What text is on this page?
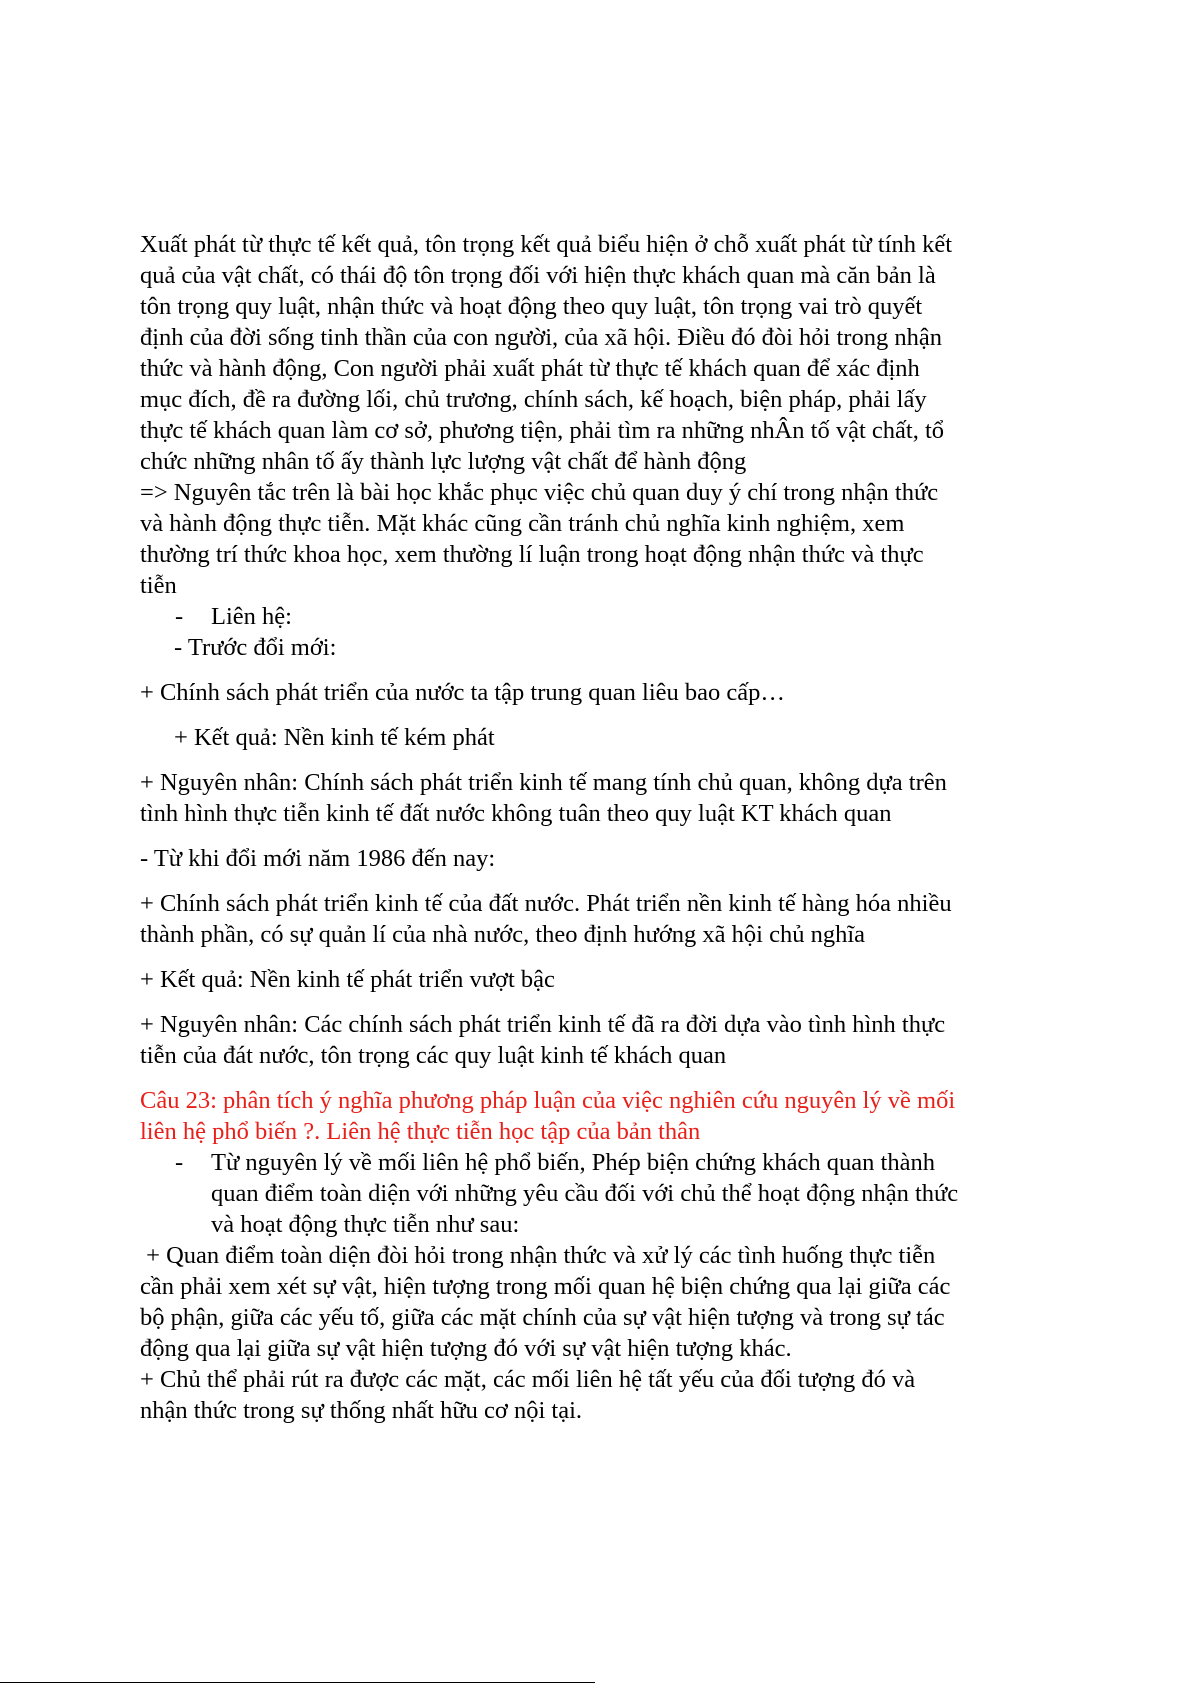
Xuất phát từ thực tế kết quả, tôn trọng kết quả biểu hiện ở chỗ xuất phát từ tính kết
quả của vật chất, có thái độ tôn trọng đối với hiện thực khách quan mà căn bản là
tôn trọng quy luật, nhận thức và hoạt động theo quy luật, tôn trọng vai trò quyết
định của đời sống tinh thần của con người, của xã hội. Điều đó đòi hỏi trong nhận
thức và hành động, Con người phải xuất phát từ thực tế khách quan để xác định
mục đích, đề ra đường lối, chủ trương, chính sách, kế hoạch, biện pháp, phải lấy
thực tế khách quan làm cơ sở, phương tiện, phải tìm ra những nhÂn tố vật chất, tổ
chức những nhân tố ấy thành lực lượng vật chất để hành động
=> Nguyên tắc trên là bài học khắc phục việc chủ quan duy ý chí trong nhận thức
và hành động thực tiễn. Mặt khác cũng cần tránh chủ nghĩa kinh nghiệm, xem
thường trí thức khoa học, xem thường lí luận trong hoạt động nhận thức và thực
tiễn
-	Liên hệ:
- Trước đổi mới:
+ Chính sách phát triển của nước ta tập trung quan liêu bao cấp…
+ Kết quả: Nền kinh tế kém phát
+ Nguyên nhân: Chính sách phát triển kinh tế mang tính chủ quan, không dựa trên
tình hình thực tiễn kinh tế đất nước không tuân theo quy luật KT khách quan
- Từ khi đổi mới năm 1986 đến nay:
+ Chính sách phát triển kinh tế của đất nước. Phát triển nền kinh tế hàng hóa nhiều
thành phần, có sự quản lí của nhà nước, theo định hướng xã hội chủ nghĩa
+ Kết quả: Nền kinh tế phát triển vượt bậc
+ Nguyên nhân: Các chính sách phát triển kinh tế đã ra đời dựa vào tình hình thực
tiễn của đát nước, tôn trọng các quy luật kinh tế khách quan
Câu 23: phân tích ý nghĩa phương pháp luận của việc nghiên cứu nguyên lý về mối
liên hệ phổ biến ?. Liên hệ thực tiễn học tập của bản thân
-	Từ nguyên lý về mối liên hệ phổ biến, Phép biện chứng khách quan thành
quan điểm toàn diện với những yêu cầu đối với chủ thể hoạt động nhận thức
và hoạt động thực tiễn như sau:
+ Quan điểm toàn diện đòi hỏi trong nhận thức và xử lý các tình huống thực tiễn
cần phải xem xét sự vật, hiện tượng trong mối quan hệ biện chứng qua lại giữa các
bộ phận, giữa các yếu tố, giữa các mặt chính của sự vật hiện tượng và trong sự tác
động qua lại giữa sự vật hiện tượng đó với sự vật hiện tượng khác.
+ Chủ thể phải rút ra được các mặt, các mối liên hệ tất yếu của đối tượng đó và
nhận thức trong sự thống nhất hữu cơ nội tại.
